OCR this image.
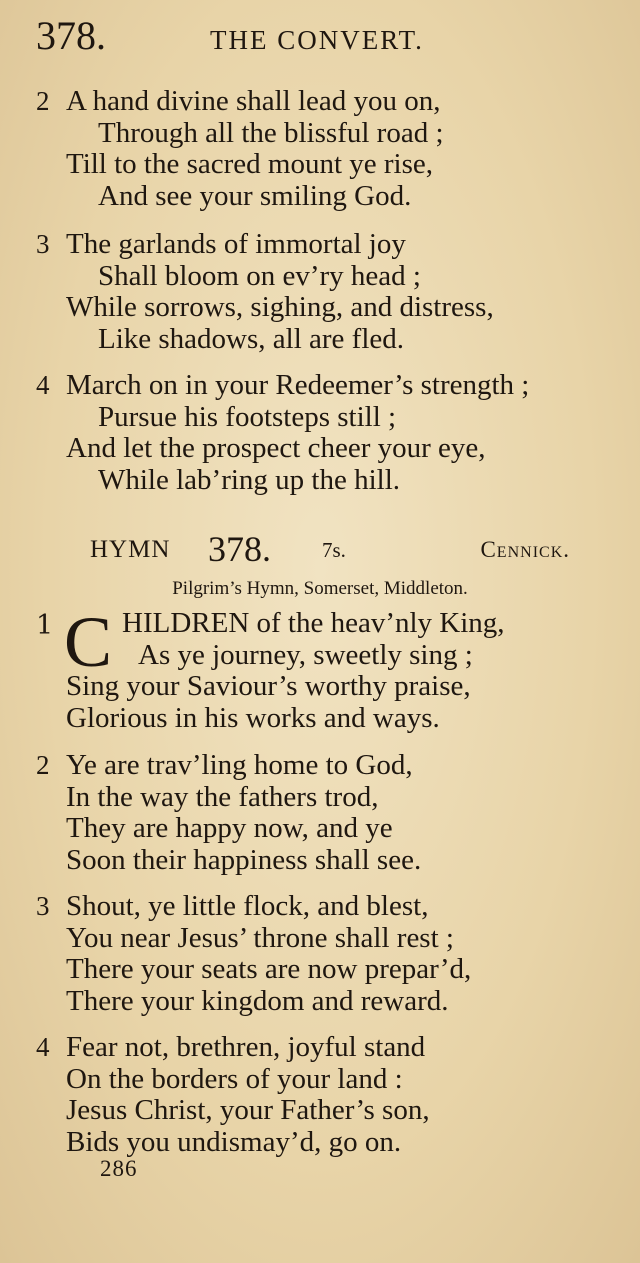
378.	THE CONVERT.
2 A hand divine shall lead you on,
Through all the blissful road ;
Till to the sacred mount ye rise,
And see your smiling God.
3 The garlands of immortal joy
Shall bloom on ev’ry head ;
While sorrows, sighing, and distress,
Like shadows, all are fled.
4 March on in your Redeemer’s strength ;
Pursue his footsteps still ;
And let the prospect cheer your eye,
While lab’ring up the hill.
HYMN 378. 7s.	Cennick.
Pilgrim’s Hymn, Somerset, Middleton.
1 C HILDREN of the heav’nly King,
As ye journey, sweetly sing ;
Sing your Saviour’s worthy praise,
Glorious in his works and ways.
2 Ye are trav’ling home to God,
In the way the fathers trod,
They are happy now, and ye
Soon their happiness shall see.
3 Shout, ye little flock, and blest,
You near Jesus’ throne shall rest ;
There your seats are now prepar’d,
There your kingdom and reward.
4 Fear not, brethren, joyful stand
On the borders of your land :
Jesus Christ, your Father’s son,
Bids you undismay’d, go on.
286
